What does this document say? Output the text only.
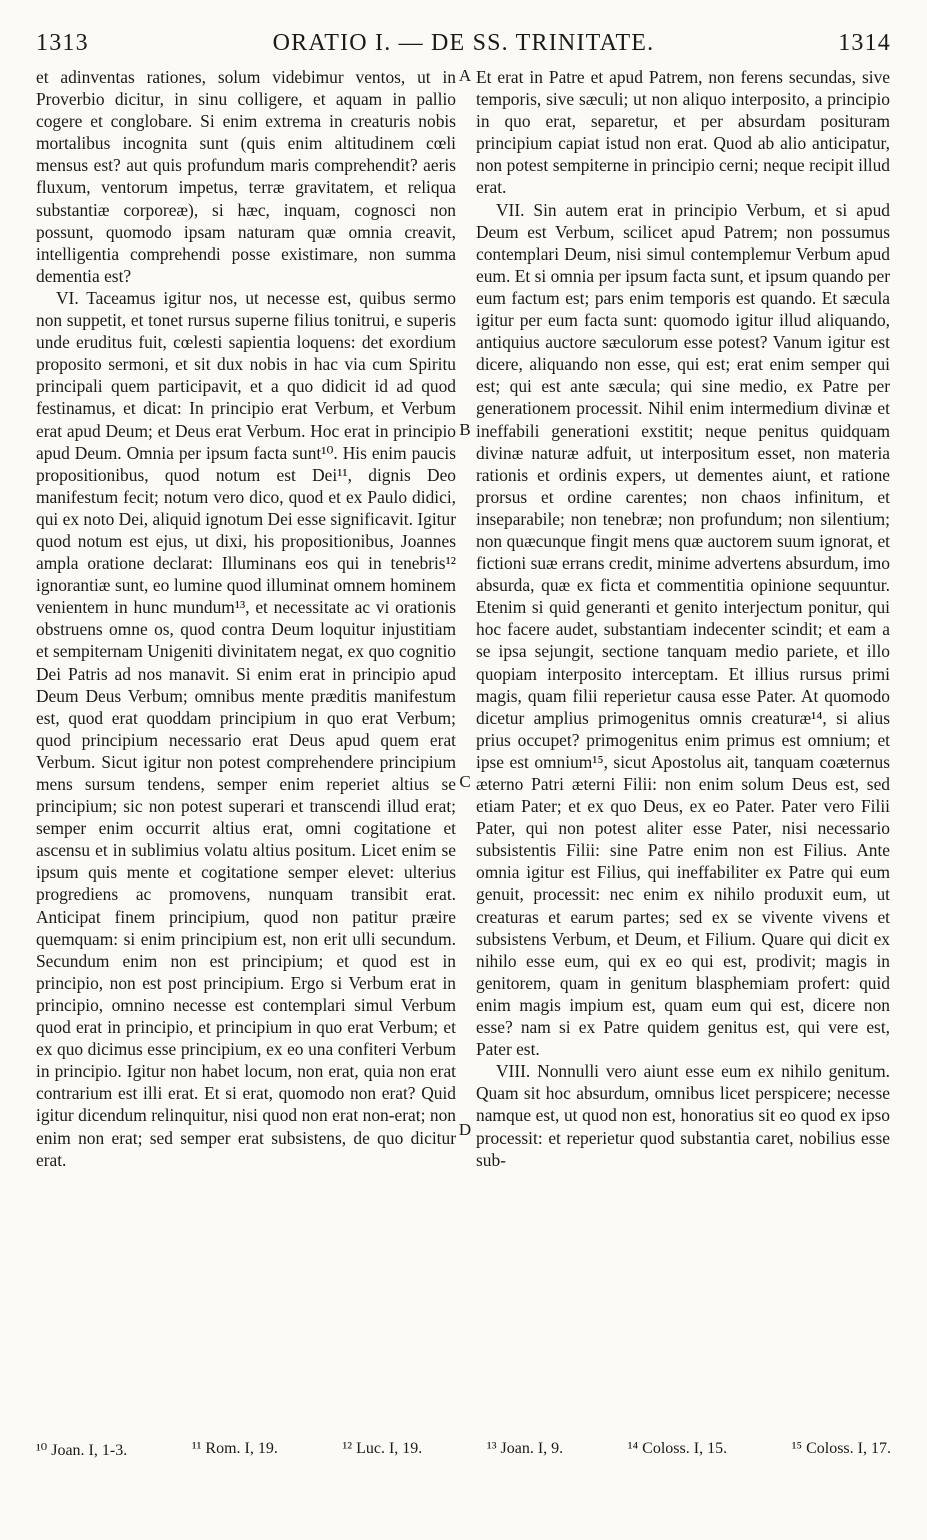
1313	ORATIO I. — DE SS. TRINITATE.	1314

et adinventas rationes, solum videbimur ventos, ut in Proverbio dicitur, in sinu colligere, et aquam in pallio cogere et conglobare. Si enim extrema in creaturis nobis mortalibus incognita sunt (quis enim altitudinem cœli mensus est? aut quis profundum maris comprehendit? aeris fluxum, ventorum impetus, terræ gravitatem, et reliqua substantiæ corporeæ), si hæc, inquam, cognosci non possunt, quomodo ipsam naturam quæ omnia creavit, intelligentia comprehendi posse existimare, non summa dementia est?

VI. Taceamus igitur nos, ut necesse est, quibus sermo non suppetit, et tonet rursus superne filius tonitrui, e superis unde eruditus fuit, cœlesti sapientia loquens: det exordium proposito sermoni, et sit dux nobis in hac via cum Spiritu principali quem participavit, et a quo didicit id ad quod festinamus, et dicat: In principio erat Verbum, et Verbum erat apud Deum; et Deus erat Verbum. Hoc erat in principio apud Deum. Omnia per ipsum facta sunt¹⁰. His enim paucis propositionibus, quod notum est Dei¹¹, dignis Deo manifestum fecit; notum vero dico, quod et ex Paulo didici, qui ex noto Dei, aliquid ignotum Dei esse significavit. Igitur quod notum est ejus, ut dixi, his propositionibus, Joannes ampla oratione declarat: Illuminans eos qui in tenebris¹² ignorantiæ sunt, eo lumine quod illuminat omnem hominem venientem in hunc mundum¹³, et necessitate ac vi orationis obstruens omne os, quod contra Deum loquitur injustitiam et sempiternam Unigeniti divinitatem negat, ex quo cognitio Dei Patris ad nos manavit. Si enim erat in principio apud Deum Deus Verbum; omnibus mente præditis manifestum est, quod erat quoddam principium in quo erat Verbum; quod principium necessario erat Deus apud quem erat Verbum. Sicut igitur non potest comprehendere principium mens sursum tendens, semper enim reperiet altius se principium; sic non potest superari et transcendi illud erat; semper enim occurrit altius erat, omni cogitatione et ascensu et in sublimius volatu altius positum. Licet enim se ipsum quis mente et cogitatione semper elevet: ulterius progrediens ac promovens, nunquam transibit erat. Anticipat finem principium, quod non patitur præire quemquam: si enim principium est, non erit ulli secundum. Secundum enim non est principium; et quod est in principio, non est post principium. Ergo si Verbum erat in principio, omnino necesse est contemplari simul Verbum quod erat in principio, et principium in quo erat Verbum; et ex quo dicimus esse principium, ex eo una confiteri Verbum in principio. Igitur non habet locum, non erat, quia non erat contrarium est illi erat. Et si erat, quomodo non erat? Quid igitur dicendum relinquitur, nisi quod non erat non-erat; non enim non erat; sed semper erat subsistens, de quo dicitur erat.

Et erat in Patre et apud Patrem, non ferens secundas, sive temporis, sive sæculi; ut non aliquo interposito, a principio in quo erat, separetur, et per absurdam posituram principium capiat istud non erat. Quod ab alio anticipatur, non potest sempiterne in principio cerni; neque recipit illud erat.

VII. Sin autem erat in principio Verbum, et si apud Deum est Verbum, scilicet apud Patrem; non possumus contemplari Deum, nisi simul contemplemur Verbum apud eum. Et si omnia per ipsum facta sunt, et ipsum quando per eum factum est; pars enim temporis est quando. Et sæcula igitur per eum facta sunt: quomodo igitur illud aliquando, antiquius auctore sæculorum esse potest? Vanum igitur est dicere, aliquando non esse, qui est; erat enim semper qui est; qui est ante sæcula; qui sine medio, ex Patre per generationem processit. Nihil enim intermedium divinæ et ineffabili generationi exstitit; neque penitus quidquam divinæ naturæ adfuit, ut interpositum esset, non materia rationis et ordinis expers, ut dementes aiunt, et ratione prorsus et ordine carentes; non chaos infinitum, et inseparabile; non tenebræ; non profundum; non silentium; non quæcunque fingit mens quæ auctorem suum ignorat, et fictioni suæ errans credit, minime advertens absurdum, imo absurda, quæ ex ficta et commentitia opinione sequuntur. Etenim si quid generanti et genito interjectum ponitur, qui hoc facere audet, substantiam indecenter scindit; et eam a se ipsa sejungit, sectione tanquam medio pariete, et illo quopiam interposito interceptam. Et illius rursus primi magis, quam filii reperietur causa esse Pater. At quomodo dicetur amplius primogenitus omnis creaturæ¹⁴, si alius prius occupet? primogenitus enim primus est omnium; et ipse est omnium¹⁵, sicut Apostolus ait, tanquam coæternus æterno Patri æterni Filii: non enim solum Deus est, sed etiam Pater; et ex quo Deus, ex eo Pater. Pater vero Filii Pater, qui non potest aliter esse Pater, nisi necessario subsistentis Filii: sine Patre enim non est Filius. Ante omnia igitur est Filius, qui ineffabiliter ex Patre qui eum genuit, processit: nec enim ex nihilo produxit eum, ut creaturas et earum partes; sed ex se vivente vivens et subsistens Verbum, et Deum, et Filium. Quare qui dicit ex nihilo esse eum, qui ex eo qui est, prodivit; magis in genitorem, quam in genitum blasphemiam profert: quid enim magis impium est, quam eum qui est, dicere non esse? nam si ex Patre quidem genitus est, qui vere est, Pater est.

VIII. Nonnulli vero aiunt esse eum ex nihilo genitum. Quam sit hoc absurdum, omnibus licet perspicere; necesse namque est, ut quod non est, honoratius sit eo quod ex ipso processit: et reperietur quod substantia caret, nobilius esse sub-

A
B
C
D
¹⁰ Joan. I, 1-3.	¹¹ Rom. I, 19.	¹² Luc. I, 19.	¹³ Joan. I, 9.	¹⁴ Coloss. I, 15.	¹⁵ Coloss. I, 17.
